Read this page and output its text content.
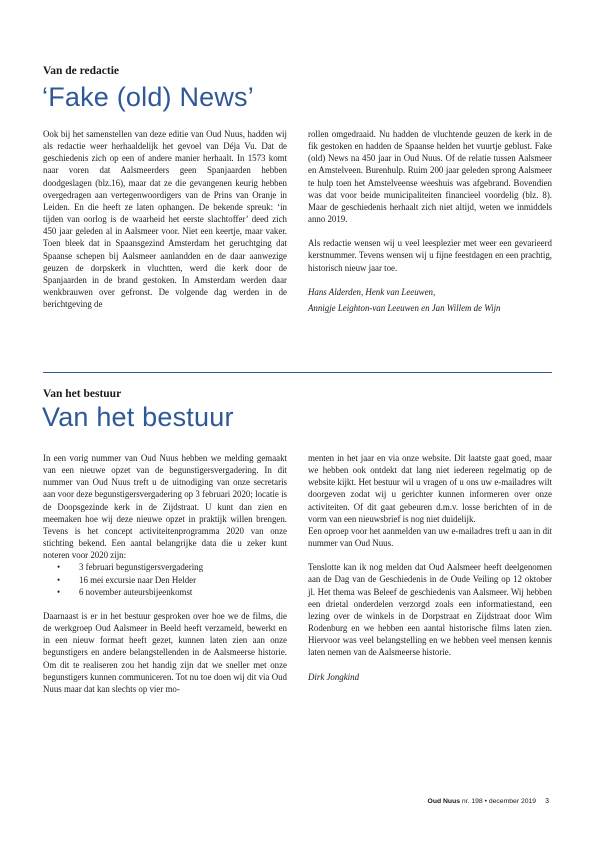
Van de redactie
‘Fake (old) News’

Ook bij het samenstellen van deze editie van Oud Nuus, hadden wij als redactie weer herhaaldelijk het gevoel van Déja Vu. Dat de geschiedenis zich op een of andere manier herhaalt. In 1573 komt naar voren dat Aalsmeerders geen Spanjaarden hebben doodgeslagen (blz.16), maar dat ze die gevangenen keurig hebben overgedragen aan vertegenwoordigers van de Prins van Oranje in Leiden. En die heeft ze laten ophangen. De bekende spreuk: ‘in tijden van oorlog is de waarheid het eerste slachtoffer’ deed zich 450 jaar geleden al in Aalsmeer voor. Niet een keertje, maar vaker. Toen bleek dat in Spaansgezind Amsterdam het geruchtging dat Spaanse schepen bij Aalsmeer aanlandden en de daar aanwezige geuzen de dorpskerk in vluchtten, werd die kerk door de Spanjaarden in de brand gestoken. In Amsterdam werden daar wenkbrauwen over gefronst. De volgende dag werden in de berichtgeving de

rollen omgedraaid. Nu hadden de vluchtende geuzen de kerk in de fik gestoken en hadden de Spaanse helden het vuurtje geblust. Fake (old) News na 450 jaar in Oud Nuus. Of de relatie tussen Aalsmeer en Amstelveen. Burenhulp. Ruim 200 jaar geleden sprong Aalsmeer te hulp toen het Amstelveense weeshuis was afgebrand. Bovendien was dat voor beide municipaliteiten financieel voordelig (blz. 8). Maar de geschiedenis herhaalt zich niet altijd, weten we inmiddels anno 2019.

Als redactie wensen wij u veel leesplezier met weer een gevarieerd kerstnummer. Tevens wensen wij u fijne feestdagen en een prachtig, historisch nieuw jaar toe.

Hans Alderden, Henk van Leeuwen,

Annigje Leighton-van Leeuwen en Jan Willem de Wijn

Van het bestuur
Van het bestuur

In een vorig nummer van Oud Nuus hebben we melding gemaakt van een nieuwe opzet van de begunstigersvergadering. In dit nummer van Oud Nuus treft u de uitnodiging van onze secretaris aan voor deze begunstigersvergadering op 3 februari 2020; locatie is de Doopsgezinde kerk in de Zijdstraat. U kunt dan zien en meemaken hoe wij deze nieuwe opzet in praktijk willen brengen. Tevens is het concept activiteitenprogramma 2020 van onze stichting bekend. Een aantal belangrijke data die u zeker kunt noteren voor 2020 zijn:

• 3 februari begunstigersvergadering
• 16 mei excursie naar Den Helder
• 6 november auteursbijeenkomst

Daarnaast is er in het bestuur gesproken over hoe we de films, die de werkgroep Oud Aalsmeer in Beeld heeft verzameld, bewerkt en in een nieuw format heeft gezet, kunnen laten zien aan onze begunstigers en andere belangstellenden in de Aalsmeerse historie. Om dit te realiseren zou het handig zijn dat we sneller met onze begunstigers kunnen communiceren. Tot nu toe doen wij dit via Oud Nuus maar dat kan slechts op vier mo-

menten in het jaar en via onze website. Dit laatste gaat goed, maar we hebben ook ontdekt dat lang niet iedereen regelmatig op de website kijkt. Het bestuur wil u vragen of u ons uw e-mailadres wilt doorgeven zodat wij u gerichter kunnen informeren over onze activiteiten. Of dit gaat gebeuren d.m.v. losse berichten of in de vorm van een nieuwsbrief is nog niet duidelijk.

Een oproep voor het aanmelden van uw e-mailadres treft u aan in dit nummer van Oud Nuus.

Tenslotte kan ik nog melden dat Oud Aalsmeer heeft deelgenomen aan de Dag van de Geschiedenis in de Oude Veiling op 12 oktober jl. Het thema was Beleef de geschiedenis van Aalsmeer. Wij hebben een drietal onderdelen verzorgd zoals een informatiestand, een lezing over de winkels in de Dorpstraat en Zijdstraat door Wim Rodenburg en we hebben een aantal historische films laten zien. Hiervoor was veel belangstelling en we hebben veel mensen kennis laten nemen van de Aalsmeerse historie.

Dirk Jongkind

Oud Nuus nr. 198 • december 2019 3
